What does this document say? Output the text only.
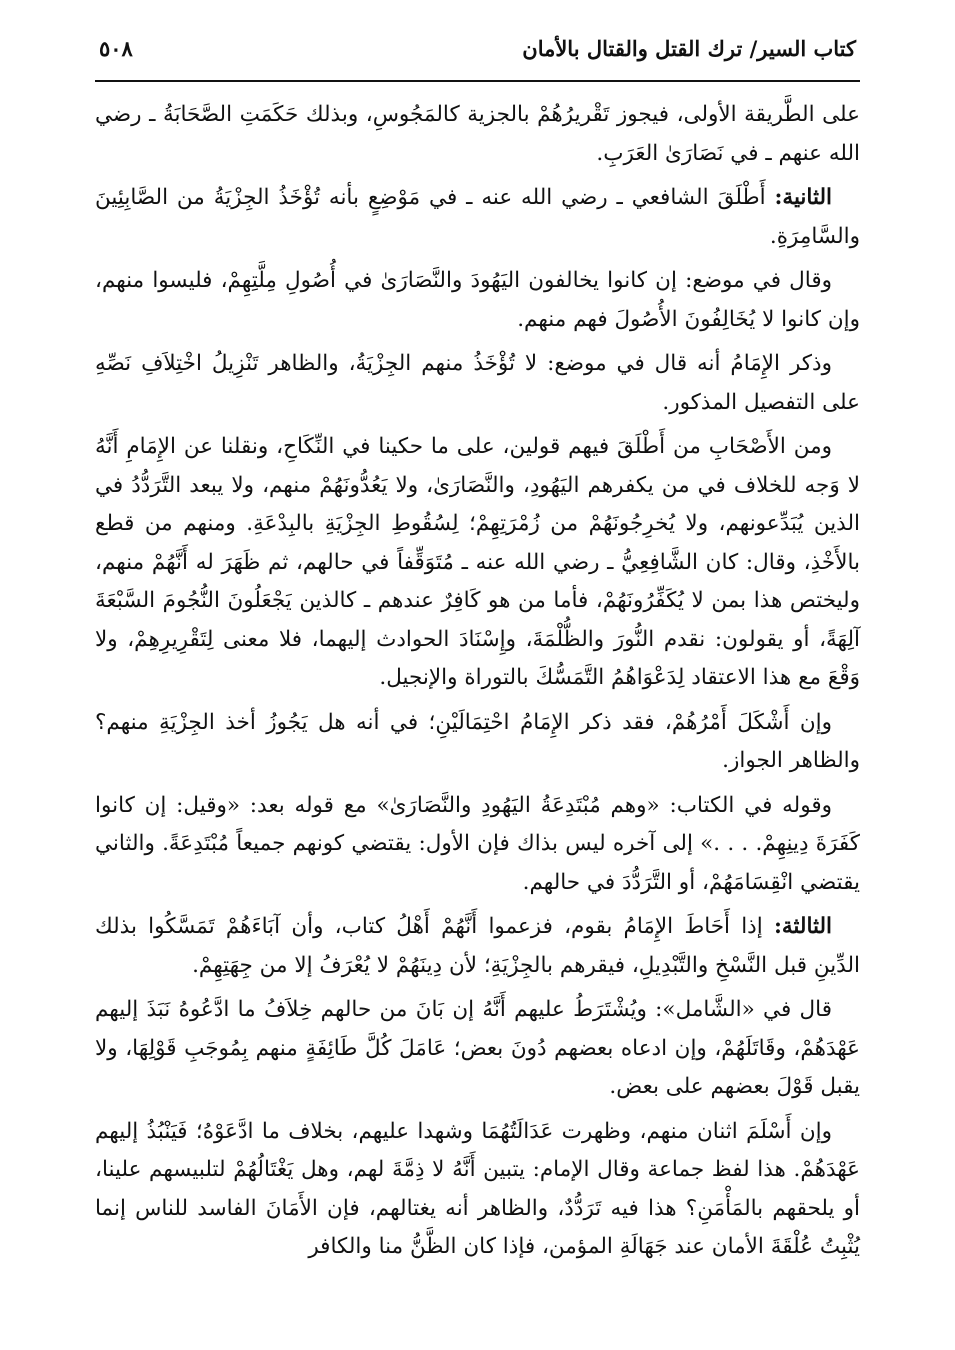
كتاب السير/ ترك القتل والقتال بالأمان
٥٠٨

على الطَّريقة الأولى، فيجوز تَقْريرُهُمْ بالجزية كالمَجُوسِ، وبذلك حَكَمَتِ الصَّحَابَةُ ـ رضي الله عنهم ـ في نَصَارَىٰ العَرَبِ.

الثانية: أَطْلَقَ الشافعي ـ رضي الله عنه ـ في مَوْضِعٍ بأنه تُؤْخَذُ الجِزْيَةُ من الصَّابِئِينَ والسَّامِرَةِ.

وقال في موضع: إن كانوا يخالفون اليَهُودَ والنَّصَارَىٰ في أُصُولِ مِلَّتِهِمْ، فليسوا منهم، وإن كانوا لا يُخَالِفُونَ الأُصُولَ فهم منهم.

وذكر الإِمَامُ أنه قال في موضع: لا تُؤْخَذُ منهم الجِزْيَةُ، والظاهر تَنْزِيلُ اخْتِلاَفِ نَصِّهِ على التفصيل المذكور.

ومن الأَصْحَابِ من أَطْلَقَ فيهم قولين، على ما حكينا في النِّكَاحِ، ونقلنا عن الإِمَامِ أَنَّهُ لا وَجه للخلاف في من يكفرهم اليَهُودِ، والنَّصَارَىٰ، ولا يَعُدُّونَهُمْ منهم، ولا يبعد التَّرَدُّدُ في الذين يُبَدِّعونهم، ولا يُخرِجُونَهُمْ من زُمْرَتِهِمْ؛ لِسُقُوطِ الجِزْيَةِ بالبِدْعَةِ. ومنهم من قطع بالأَخْذِ، وقال: كان الشَّافِعِيُّ ـ رضي الله عنه ـ مُتَوَقِّفاً في حالهم، ثم ظَهَرَ له أَنَّهُمْ منهم، وليختص هذا بمن لا يُكَفِّرُونَهُمْ، فأما من هو كَافِرٌ عندهم ـ كالذين يَجْعَلُونَ النُّجُومَ السَّبْعَةَ آلِهَةً، أو يقولون: نقدم النُّورَ والظُّلْمَةَ، وإِسْنَادَ الحوادث إليهما، فلا معنى لِتَقْرِيرِهِمْ، ولا وَقْعَ مع هذا الاعتقاد لِدَعْوَاهُمُ التَّمَسُّكَ بالتوراة والإنجيل.

وإن أَشْكَلَ أَمْرُهُمْ، فقد ذكر الإِمَامُ احْتِمَالَيْنِ؛ في أنه هل يَجُوزُ أخذ الجِزْيَةِ منهم؟ والظاهر الجواز.

وقوله في الكتاب: «وهم مُبْتَدِعَةُ اليَهُودِ والنَّصَارَىٰ» مع قوله بعد: «وقيل: إن كانوا كَفَرَةَ دِينِهِمْ. . . .» إلى آخره ليس بذاك فإن الأول: يقتضي كونهم جميعاً مُبْتَدِعَةً. والثاني يقتضي انْقِسَامَهُمْ، أو التَّرَدُّدَ في حالهم.

الثالثة: إذا أَحَاطَ الإِمَامُ بقوم، فزعموا أَنَّهُمْ أَهْلُ كتاب، وأن آبَاءَهُمْ تَمَسَّكُوا بذلك الدِّينِ قبل النَّسْخِ والتَّبْدِيلِ، فيقرهم بالجِزْيَةِ؛ لأن دِينَهُمْ لا يُعْرَفُ إلا من جِهَتِهِمْ.

قال في «الشَّامل»: ويُشْتَرَطُ عليهم أَنَّهُ إن بَانَ من حالهم خِلاَفُ ما ادَّعُوهُ نَبَذَ إليهم عَهْدَهُمْ، وقَاتَلَهُمْ، وإن ادعاه بعضهم دُونَ بعض؛ عَامَلَ كُلَّ طَائِفَةٍ منهم بِمُوجَبِ قَوْلِهَا، ولا يقبل قَوْلَ بعضهم على بعض.

وإن أَسْلَمَ اثنان منهم، وظهرت عَدَالَتُهُمَا وشهدا عليهم، بخلاف ما ادَّعَوْهُ؛ فَيَنْبُذُ إليهم عَهْدَهُمْ. هذا لفظ جماعة وقال الإمام: يتبين أَنَّهُ لا ذِمَّةَ لهم، وهل يَغْتَالُهُمْ لتلبيسهم علينا، أو يلحقهم بالمَأْمَنِ؟ هذا فيه تَرَدُّدٌ، والظاهر أنه يغتالهم، فإن الأَمَانَ الفاسد للناس إنما يُثْبِتُ عُلْقَةَ الأمان عند جَهَالَةِ المؤمن، فإذا كان الظَّنُّ منا والكافر
